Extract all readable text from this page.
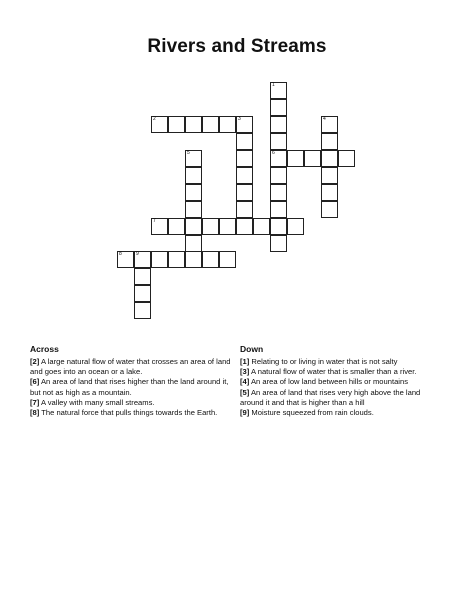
Rivers and Streams
1
2	3	4
5	6
7
8	9
Across

[2] A large natural flow of water that crosses an area of land and goes into an ocean or a lake.

[6] An area of land that rises higher than the land around it, but not as high as a mountain.

[7] A valley with many small streams.

[8] The natural force that pulls things towards the Earth.

Down

[1] Relating to or living in water that is not salty

[3] A natural flow of water that is smaller than a river.

[4] An area of low land between hills or mountains

[5] An area of land that rises very high above the land around it and that is higher than a hill

[9] Moisture squeezed from rain clouds.
